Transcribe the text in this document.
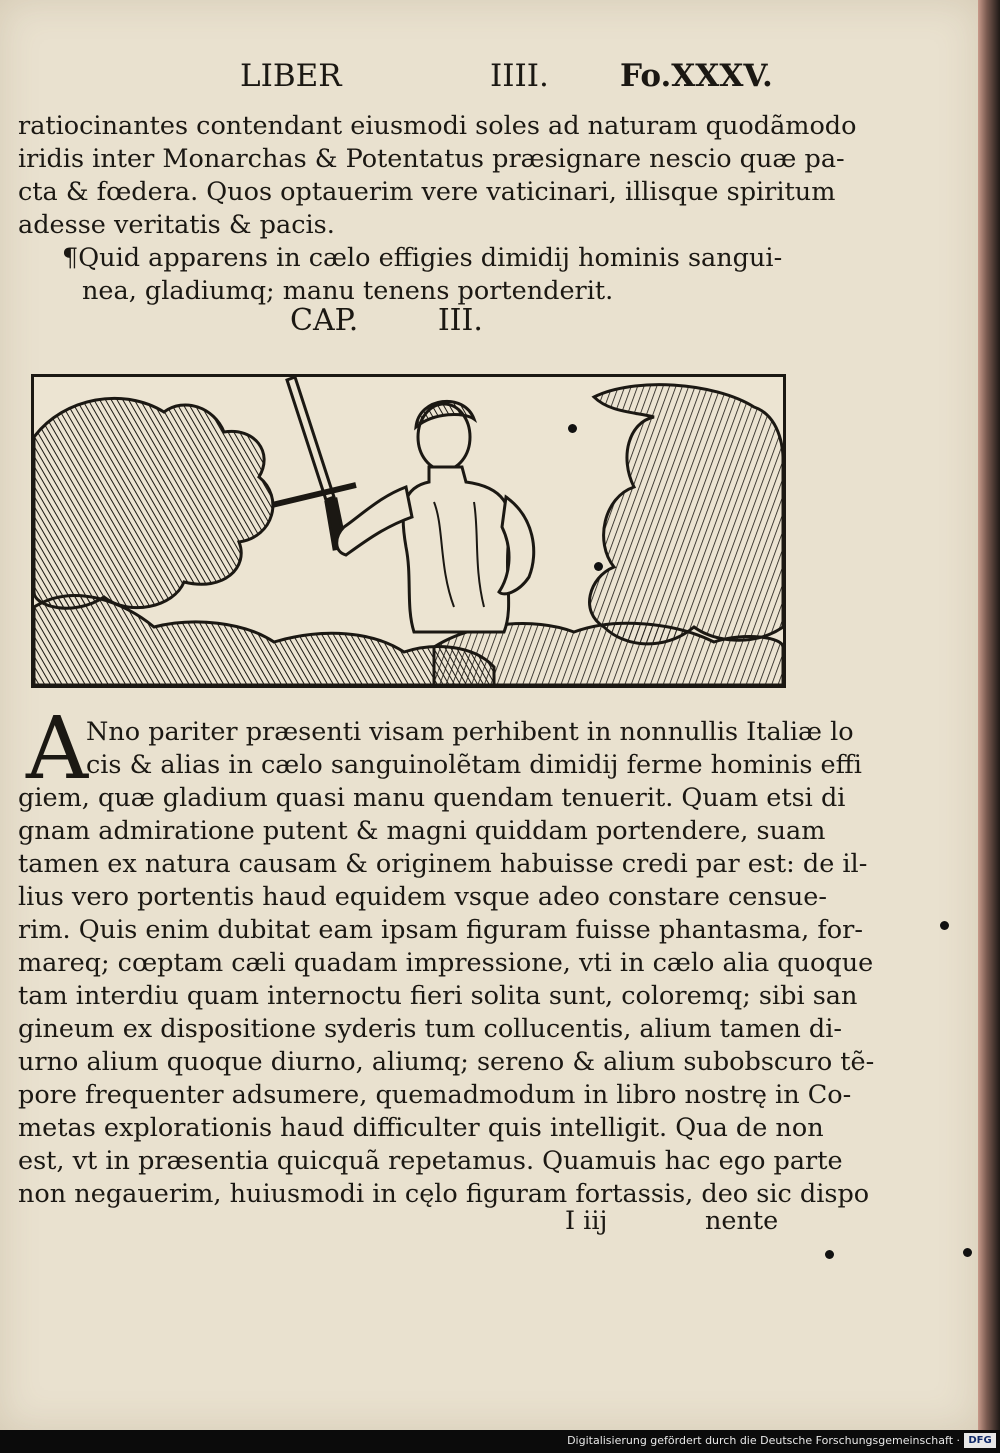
LIBER	IIII. Fo.XXXV.
ratiocinantes contendant eiusmodi soles ad naturam quodãmodo
iridis inter Monarchas & Potentatus præsignare nescio quæ pa-
cta & fœdera. Quos optauerim vere vaticinari, illisque spiritum
adesse veritatis & pacis.
¶Quid apparens in cælo effigies dimidij hominis sangui-
nea, gladiumq; manu tenens portenderit.
CAP.	III.
A
Nno pariter præsenti visam perhibent in nonnullis Italiæ lo
cis & alias in cælo sanguinolẽtam dimidij ferme hominis effi
giem, quæ gladium quasi manu quendam tenuerit. Quam etsi di
gnam admiratione putent & magni quiddam portendere, suam
tamen ex natura causam & originem habuisse credi par est: de il-
lius vero portentis haud equidem vsque adeo constare censue-
rim. Quis enim dubitat eam ipsam figuram fuisse phantasma, for-
mareq; cœptam cæli quadam impressione, vti in cælo alia quoque
tam interdiu quam internoctu fieri solita sunt, coloremq; sibi san
gineum ex dispositione syderis tum collucentis, alium tamen di-
urno alium quoque diurno, aliumq; sereno & alium subobscuro tẽ-
pore frequenter adsumere, quemadmodum in libro nostrę in Co-
metas explorationis haud difficulter quis intelligit. Qua de non
est, vt in præsentia quicquã repetamus. Quamuis hac ego parte
non negauerim, huiusmodi in cęlo figuram fortassis, deo sic dispo
I iij	nente
Digitalisierung gefördert durch die Deutsche Forschungsgemeinschaft · DFG
